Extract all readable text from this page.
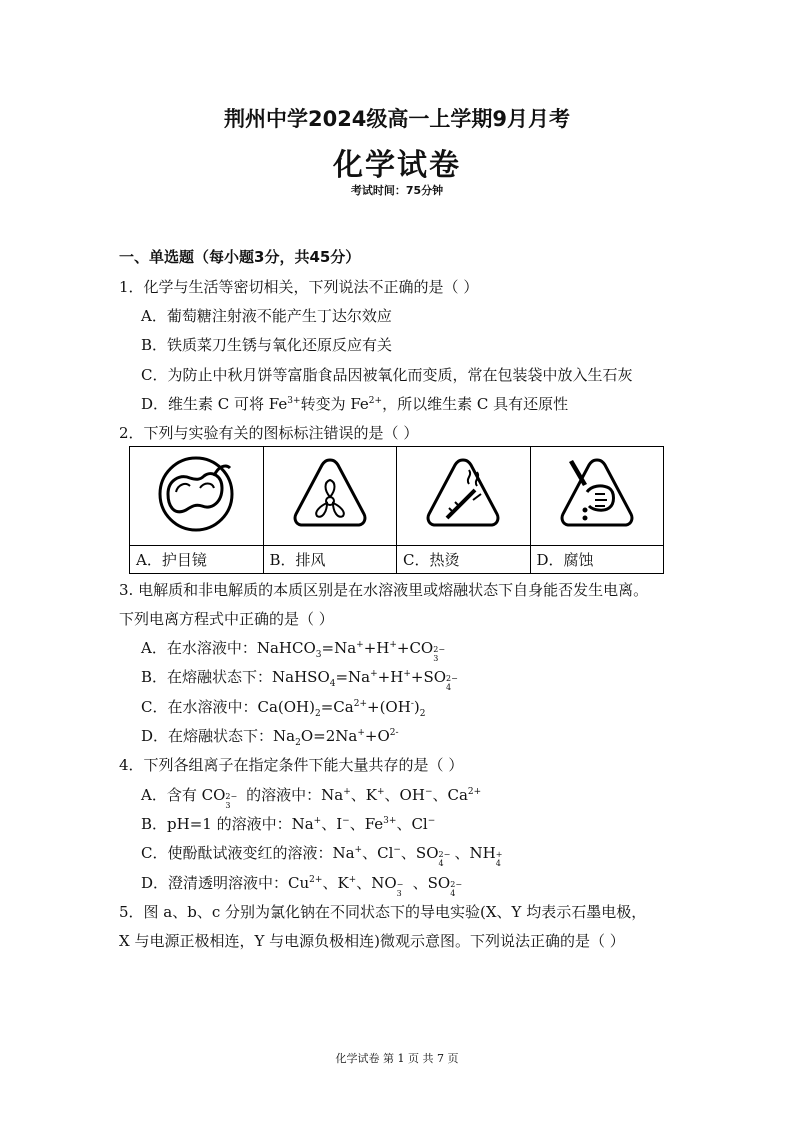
荆州中学2024级高一上学期9月月考
化学试卷
考试时间：75分钟
一、单选题（每小题3分，共45分）
1．化学与生活等密切相关，下列说法不正确的是（ ）
A．葡萄糖注射液不能产生丁达尔效应
B．铁质菜刀生锈与氧化还原反应有关
C．为防止中秋月饼等富脂食品因被氧化而变质，常在包装袋中放入生石灰
D．维生素 C 可将 $Fe^{3+}$转变为 $Fe^{2+}$，所以维生素 C 具有还原性
2．下列与实验有关的图标标注错误的是（ ）

A．护目镜	B．排风	C．热烫	D．腐蚀
3. 电解质和非电解质的本质区别是在水溶液里或熔融状态下自身能否发生电离。
下列电离方程式中正确的是（ ）
A．在水溶液中：NaHCO$_3$=Na++H++CO 2−
3
B．在熔融状态下：NaHSO$_4$=Na++H++SO 2−
4
C．在水溶液中：$Ca(OH)_2=Ca^{2+}+(OH^-)_2$
D．在熔融状态下：$Na_2O=2Na^++O^{2-}$
4．下列各组离子在指定条件下能大量共存的是（ ）
A．含有 CO 2−
3
的溶液中：Na+、K+、OH−、$Ca^{2+}$
B．pH=1 的溶液中：Na+、I−、$Fe^{3+}$、Cl−
C．使酚酞试液变红的溶液：Na+、Cl−、SO 2−
4
、NH +
4
D．澄清透明溶液中：$Cu^{2+}$、K+、NO −
3
、SO 2−
4
5．图 a、b、c 分别为氯化钠在不同状态下的导电实验(X、Y 均表示石墨电极，
X 与电源正极相连，Y 与电源负极相连)微观示意图。下列说法正确的是（ ）
化学试卷 第 1 页 共 7 页
